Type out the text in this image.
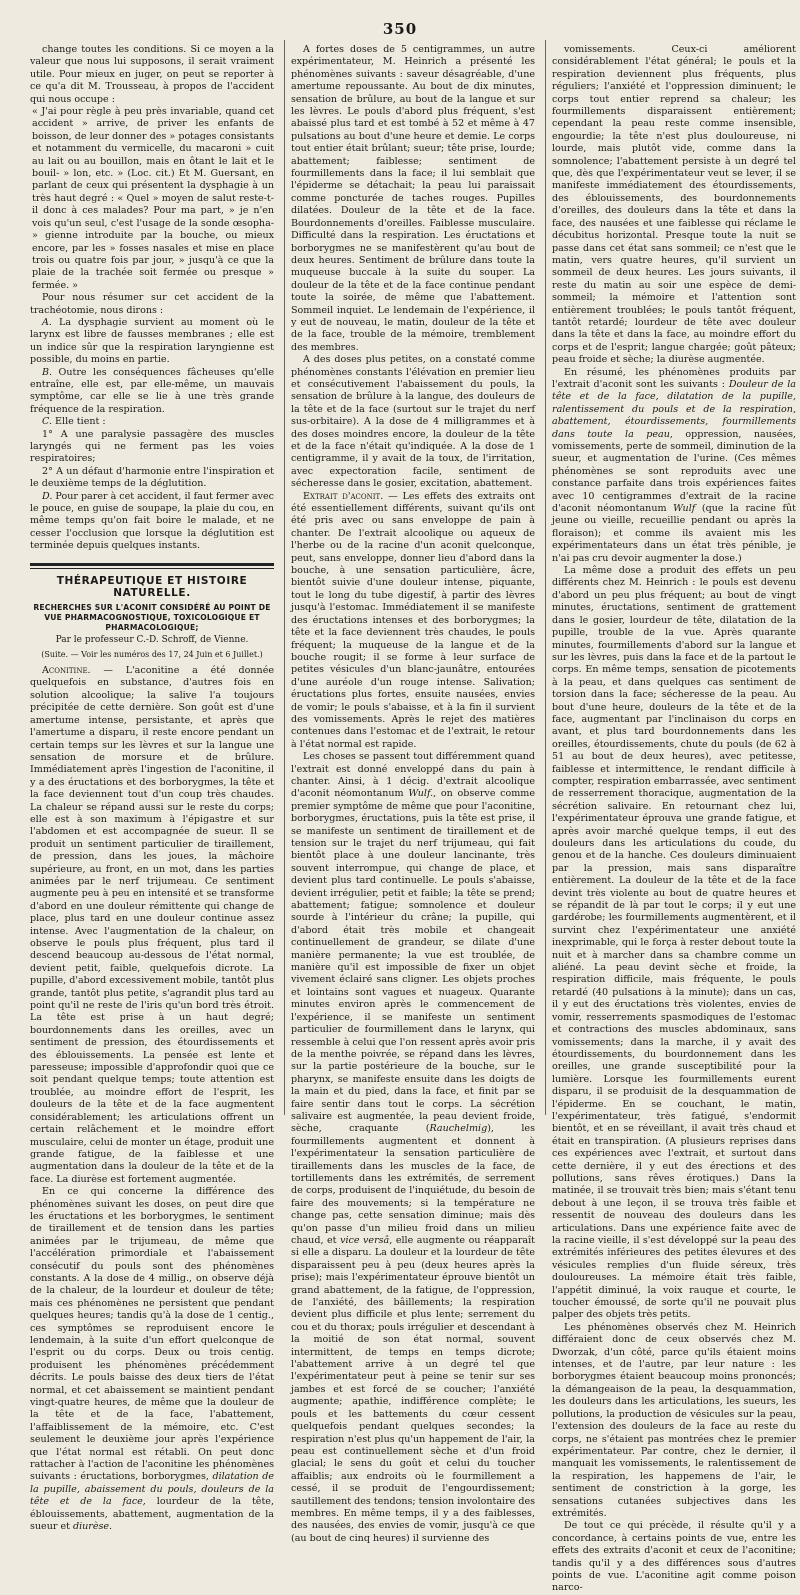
350

change toutes les conditions. Si ce moyen a la valeur que nous lui supposons, il serait vraiment utile. Pour mieux en juger, on peut se reporter à ce qu'a dit M. Trousseau, à propos de l'accident qui nous occupe :

« J'ai pour règle à peu près invariable, quand cet accident » arrive, de priver les enfants de boisson, de leur donner des » potages consistants et notamment du vermicelle, du macaroni » cuit au lait ou au bouillon, mais en ôtant le lait et le bouil- » lon, etc. » (Loc. cit.) Et M. Guersant, en parlant de ceux qui présentent la dysphagie à un très haut degré : « Quel » moyen de salut reste-t-il donc à ces malades? Pour ma part, » je n'en vois qu'un seul, c'est l'usage de la sonde œsopha- » gienne introduite par la bouche, ou mieux encore, par les » fosses nasales et mise en place trois ou quatre fois par jour, » jusqu'à ce que la plaie de la trachée soit fermée ou presque » fermée. »

Pour nous résumer sur cet accident de la trachéotomie, nous dirons :

A. La dysphagie survient au moment où le larynx est libre de fausses membranes ; elle est un indice sûr que la respiration laryngienne est possible, du moins en partie.

B. Outre les conséquences fâcheuses qu'elle entraîne, elle est, par elle-même, un mauvais symptôme, car elle se lie à une très grande fréquence de la respiration.

C. Elle tient :

1° A une paralysie passagère des muscles laryngés qui ne ferment pas les voies respiratoires;

2° A un défaut d'harmonie entre l'inspiration et le deuxième temps de la déglutition.

D. Pour parer à cet accident, il faut fermer avec le pouce, en guise de soupape, la plaie du cou, en même temps qu'on fait boire le malade, et ne cesser l'occlusion que lorsque la déglutition est terminée depuis quelques instants.

THÉRAPEUTIQUE ET HISTOIRE NATURELLE.
RECHERCHES SUR L'ACONIT CONSIDÉRÉ AU POINT DE VUE PHARMACOGNOSTIQUE, TOXICOLOGIQUE ET PHARMACOLOGIQUE;
Par le professeur C.-D. Schroff, de Vienne.
(Suite. — Voir les numéros des 17, 24 Juin et 6 Juillet.)

Aconitine. — L'aconitine a été donnée quelquefois en substance, d'autres fois en solution alcoolique; la salive l'a toujours précipitée de cette dernière. Son goût est d'une amertume intense, persistante, et après que l'amertume a disparu, il reste encore pendant un certain temps sur les lèvres et sur la langue une sensation de morsure et de brûlure. Immédiatement après l'ingestion de l'aconitine, il y a des éructations et des borborygmes, la tête et la face deviennent tout d'un coup très chaudes. La chaleur se répand aussi sur le reste du corps; elle est à son maximum à l'épigastre et sur l'abdomen et est accompagnée de sueur. Il se produit un sentiment particulier de tiraillement, de pression, dans les joues, la mâchoire supérieure, au front, en un mot, dans les parties animées par le nerf trijumeau. Ce sentiment augmente peu à peu en intensité et se transforme d'abord en une douleur rémittente qui change de place, plus tard en une douleur continue assez intense. Avec l'augmentation de la chaleur, on observe le pouls plus fréquent, plus tard il descend beaucoup au-dessous de l'état normal, devient petit, faible, quelquefois dicrote. La pupille, d'abord excessivement mobile, tantôt plus grande, tantôt plus petite, s'agrandit plus tard au point qu'il ne reste de l'iris qu'un bord très étroit. La tête est prise à un haut degré; bourdonnements dans les oreilles, avec un sentiment de pression, des étourdissements et des éblouissements. La pensée est lente et paresseuse; impossible d'approfondir quoi que ce soit pendant quelque temps; toute attention est troublée, au moindre effort de l'esprit, les douleurs de la tête et de la face augmentent considérablement; les articulations offrent un certain relâchement et le moindre effort musculaire, celui de monter un étage, produit une grande fatigue, de la faiblesse et une augmentation dans la douleur de la tête et de la face. La diurèse est fortement augmentée.

En ce qui concerne la différence des phénomènes suivant les doses, on peut dire que les éructations et les borborygmes, le sentiment de tiraillement et de tension dans les parties animées par le trijumeau, de même que l'accélération primordiale et l'abaissement consécutif du pouls sont des phénomènes constants. A la dose de 4 millig., on observe déjà de la chaleur, de la lourdeur et douleur de tête; mais ces phénomènes ne persistent que pendant quelques heures; tandis qu'à la dose de 1 centig., ces symptômes se reproduisent encore le lendemain, à la suite d'un effort quelconque de l'esprit ou du corps. Deux ou trois centig. produisent les phénomènes précédemment décrits. Le pouls baisse des deux tiers de l'état normal, et cet abaissement se maintient pendant vingt-quatre heures, de même que la douleur de la tête et de la face, l'abattement, l'affaiblissement de la mémoire, etc. C'est seulement le deuxième jour après l'expérience que l'état normal est rétabli. On peut donc rattacher à l'action de l'aconitine les phénomènes suivants : éructations, borborygmes, dilatation de la pupille, abaissement du pouls, douleurs de la tête et de la face, lourdeur de la tête, éblouissements, abattement, augmentation de la sueur et diurèse.

A fortes doses de 5 centigrammes, un autre expérimentateur, M. Heinrich a présenté les phénomènes suivants : saveur désagréable, d'une amertume repoussante. Au bout de dix minutes, sensation de brûlure, au bout de la langue et sur les lèvres. Le pouls d'abord plus fréquent, s'est abaissé plus tard et est tombé à 52 et même à 47 pulsations au bout d'une heure et demie. Le corps tout entier était brûlant; sueur; tête prise, lourde; abattement; faiblesse; sentiment de fourmillements dans la face; il lui semblait que l'épiderme se détachait; la peau lui paraissait comme poncturée de taches rouges. Pupilles dilatées. Douleur de la tête et de la face. Bourdonnements d'oreilles. Faiblesse musculaire. Difficulté dans la respiration. Les éructations et borborygmes ne se manifestèrent qu'au bout de deux heures. Sentiment de brûlure dans toute la muqueuse buccale à la suite du souper. La douleur de la tête et de la face continue pendant toute la soirée, de même que l'abattement. Sommeil inquiet. Le lendemain de l'expérience, il y eut de nouveau, le matin, douleur de la tête et de la face, trouble de la mémoire, tremblement des membres.

A des doses plus petites, on a constaté comme phénomènes constants l'élévation en premier lieu et consécutivement l'abaissement du pouls, la sensation de brûlure à la langue, des douleurs de la tête et de la face (surtout sur le trajet du nerf sus-orbitaire). A la dose de 4 milligrammes et à des doses moindres encore, la douleur de la tête et de la face n'était qu'indiquée. A la dose de 1 centigramme, il y avait de la toux, de l'irritation, avec expectoration facile, sentiment de sécheresse dans le gosier, excitation, abattement.

Extrait d'aconit. — Les effets des extraits ont été essentiellement différents, suivant qu'ils ont été pris avec ou sans enveloppe de pain à chanter. De l'extrait alcoolique ou aqueux de l'herbe ou de la racine d'un aconit quelconque, peut, sans enveloppe, donner lieu d'abord dans la bouche, à une sensation particulière, âcre, bientôt suivie d'une douleur intense, piquante, tout le long du tube digestif, à partir des lèvres jusqu'à l'estomac. Immédiatement il se manifeste des éructations intenses et des borborygmes; la tête et la face deviennent très chaudes, le pouls fréquent; la muqueuse de la langue et de la bouche rougit; il se forme à leur surface de petites vésicules d'un blanc-jaunâtre, entourées d'une auréole d'un rouge intense. Salivation; éructations plus fortes, ensuite nausées, envies de vomir; le pouls s'abaisse, et à la fin il survient des vomissements. Après le rejet des matières contenues dans l'estomac et de l'extrait, le retour à l'état normal est rapide.

Les choses se passent tout différemment quand l'extrait est donné enveloppé dans du pain à chanter. Ainsi, à 1 décig. d'extrait alcoolique d'aconit néomontanum Wulf., on observe comme premier symptôme de même que pour l'aconitine, borborygmes, éructations, puis la tête est prise, il se manifeste un sentiment de tiraillement et de tension sur le trajet du nerf trijumeau, qui fait bientôt place à une douleur lancinante, très souvent interrompue, qui change de place, et devient plus tard continuelle. Le pouls s'abaisse, devient irrégulier, petit et faible; la tête se prend; abattement; fatigue; somnolence et douleur sourde à l'intérieur du crâne; la pupille, qui d'abord était très mobile et changeait continuellement de grandeur, se dilate d'une manière permanente; la vue est troublée, de manière qu'il est impossible de fixer un objet vivement éclairé sans cligner. Les objets proches et lointains sont vagues et nuageux. Quarante minutes environ après le commencement de l'expérience, il se manifeste un sentiment particulier de fourmillement dans le larynx, qui ressemble à celui que l'on ressent après avoir pris de la menthe poivrée, se répand dans les lèvres, sur la partie postérieure de la bouche, sur le pharynx, se manifeste ensuite dans les doigts de la main et du pied, dans la face, et finit par se faire sentir dans tout le corps. La sécrétion salivaire est augmentée, la peau devient froide, sèche, craquante (Rauchelmig), les fourmillements augmentent et donnent à l'expérimentateur la sensation particulière de tiraillements dans les muscles de la face, de tortillements dans les extrémités, de serrement de corps, produisent de l'inquiétude, du besoin de faire des mouvements; si la température ne change pas, cette sensation diminue; mais dès qu'on passe d'un milieu froid dans un milieu chaud, et vice versâ, elle augmente ou réapparaît si elle a disparu. La douleur et la lourdeur de tête disparaissent peu à peu (deux heures après la prise); mais l'expérimentateur éprouve bientôt un grand abattement, de la fatigue, de l'oppression, de l'anxiété, des bâillements; la respiration devient plus difficile et plus lente; serrement du cou et du thorax; pouls irrégulier et descendant à la moitié de son état normal, souvent intermittent, de temps en temps dicrote; l'abattement arrive à un degré tel que l'expérimentateur peut à peine se tenir sur ses jambes et est forcé de se coucher; l'anxiété augmente; apathie, indifférence complète; le pouls et les battements du cœur cessent quelquefois pendant quelques secondes; la respiration n'est plus qu'un happement de l'air, la peau est continuellement sèche et d'un froid glacial; le sens du goût et celui du toucher affaiblis; aux endroits où le fourmillement a cessé, il se produit de l'engourdissement; sautillement des tendons; tension involontaire des membres. En même temps, il y a des faiblesses, des nausées, des envies de vomir, jusqu'à ce que (au bout de cinq heures) il survienne des

vomissements. Ceux-ci améliorent considérablement l'état général; le pouls et la respiration deviennent plus fréquents, plus réguliers; l'anxiété et l'oppression diminuent; le corps tout entier reprend sa chaleur; les fourmillements disparaissent entièrement; cependant la peau reste comme insensible, engourdie; la tête n'est plus douloureuse, ni lourde, mais plutôt vide, comme dans la somnolence; l'abattement persiste à un degré tel que, dès que l'expérimentateur veut se lever, il se manifeste immédiatement des étourdissements, des éblouissements, des bourdonnements d'oreilles, des douleurs dans la tête et dans la face, des nausées et une faiblesse qui réclame le décubitus horizontal. Presque toute la nuit se passe dans cet état sans sommeil; ce n'est que le matin, vers quatre heures, qu'il survient un sommeil de deux heures. Les jours suivants, il reste du matin au soir une espèce de demi-sommeil; la mémoire et l'attention sont entièrement troublées; le pouls tantôt fréquent, tantôt retardé; lourdeur de tête avec douleur dans la tête et dans la face, au moindre effort du corps et de l'esprit; langue chargée; goût pâteux; peau froide et sèche; la diurèse augmentée.

En résumé, les phénomènes produits par l'extrait d'aconit sont les suivants : Douleur de la tête et de la face, dilatation de la pupille, ralentissement du pouls et de la respiration, abattement, étourdissements, fourmillements dans toute la peau, oppression, nausées, vomissements, perte de sommeil, diminution de la sueur, et augmentation de l'urine. (Ces mêmes phénomènes se sont reproduits avec une constance parfaite dans trois expériences faites avec 10 centigrammes d'extrait de la racine d'aconit néomontanum Wulf (que la racine fût jeune ou vieille, recueillie pendant ou après la floraison); et comme ils avaient mis les expérimentateurs dans un état très pénible, je n'ai pas cru devoir augmenter la dose.)

La même dose a produit des effets un peu différents chez M. Heinrich : le pouls est devenu d'abord un peu plus fréquent; au bout de vingt minutes, éructations, sentiment de grattement dans le gosier, lourdeur de tête, dilatation de la pupille, trouble de la vue. Après quarante minutes, fourmillements d'abord sur la langue et sur les lèvres, puis dans la face et de la partout le corps. En même temps, sensation de picotements à la peau, et dans quelques cas sentiment de torsion dans la face; sécheresse de la peau. Au bout d'une heure, douleurs de la tête et de la face, augmentant par l'inclinaison du corps en avant, et plus tard bourdonnements dans les oreilles, étourdissements, chute du pouls (de 62 à 51 au bout de deux heures), avec petitesse, faiblesse et intermittence, le rendant difficile à compter, respiration embarrassée, avec sentiment de resserrement thoracique, augmentation de la sécrétion salivaire. En retournant chez lui, l'expérimentateur éprouva une grande fatigue, et après avoir marché quelque temps, il eut des douleurs dans les articulations du coude, du genou et de la hanche. Ces douleurs diminuaient par la pression, mais sans disparaître entièrement. La douleur de la tête et de la face devint très violente au bout de quatre heures et se répandit de là par tout le corps; il y eut une gardérobe; les fourmillements augmentèrent, et il survint chez l'expérimentateur une anxiété inexprimable, qui le força à rester debout toute la nuit et à marcher dans sa chambre comme un aliéné. La peau devint sèche et froide, la respiration difficile, mais fréquente, le pouls retardé (40 pulsations à la minute); dans un cas, il y eut des éructations très violentes, envies de vomir, resserrements spasmodiques de l'estomac et contractions des muscles abdominaux, sans vomissements; dans la marche, il y avait des étourdissements, du bourdonnement dans les oreilles, une grande susceptibilité pour la lumière. Lorsque les fourmillements eurent disparu, il se produisit de la desquammation de l'épiderme. En se couchant, le matin, l'expérimentateur, très fatigué, s'endormit bientôt, et en se réveillant, il avait très chaud et était en transpiration. (A plusieurs reprises dans ces expériences avec l'extrait, et surtout dans cette dernière, il y eut des érections et des pollutions, sans rêves érotiques.) Dans la matinée, il se trouvait très bien; mais s'étant tenu debout à une leçon, il se trouva très faible et ressentit de nouveau des douleurs dans les articulations. Dans une expérience faite avec de la racine vieille, il s'est développé sur la peau des extrémités inférieures des petites élevures et des vésicules remplies d'un fluide séreux, très douloureuses. La mémoire était très faible, l'appétit diminué, la voix rauque et courte, le toucher émoussé, de sorte qu'il ne pouvait plus palper des objets très petits.

Les phénomènes observés chez M. Heinrich différaient donc de ceux observés chez M. Dworzak, d'un côté, parce qu'ils étaient moins intenses, et de l'autre, par leur nature : les borborygmes étaient beaucoup moins prononcés; la démangeaison de la peau, la desquammation, les douleurs dans les articulations, les sueurs, les pollutions, la production de vésicules sur la peau, l'extension des douleurs de la face au reste du corps, ne s'étaient pas montrées chez le premier expérimentateur. Par contre, chez le dernier, il manquait les vomissements, le ralentissement de la respiration, les happemens de l'air, le sentiment de constriction à la gorge, les sensations cutanées subjectives dans les extrémités.

De tout ce qui précède, il résulte qu'il y a concordance, à certains points de vue, entre les effets des extraits d'aconit et ceux de l'aconitine; tandis qu'il y a des différences sous d'autres points de vue. L'aconitine agit comme poison narco-
